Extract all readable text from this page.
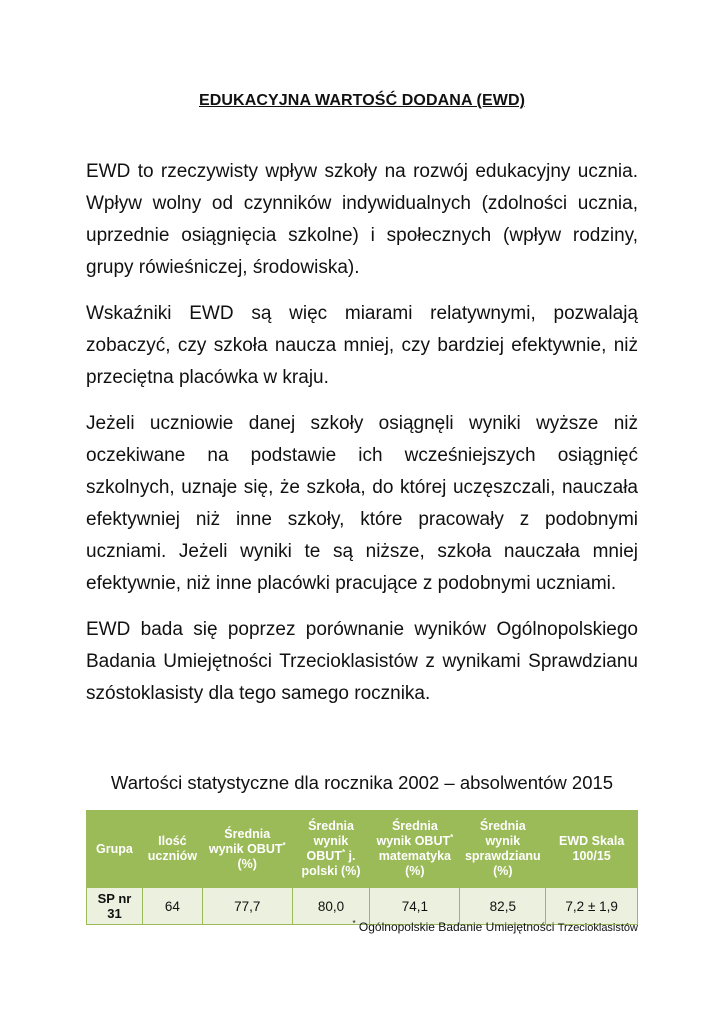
EDUKACYJNA WARTOŚĆ DODANA (EWD)

EWD to rzeczywisty wpływ szkoły na rozwój edukacyjny ucznia. Wpływ wolny od czynników indywidualnych (zdolności ucznia, uprzednie osiągnięcia szkolne) i społecznych (wpływ rodziny, grupy rówieśniczej, środowiska).

Wskaźniki EWD są więc miarami relatywnymi, pozwalają zobaczyć, czy szkoła naucza mniej, czy bardziej efektywnie, niż przeciętna placówka w kraju.

Jeżeli uczniowie danej szkoły osiągnęli wyniki wyższe niż oczekiwane na podstawie ich wcześniejszych osiągnięć szkolnych, uznaje się, że szkoła, do której uczęszczali, nauczała efektywniej niż inne szkoły, które pracowały z podobnymi uczniami. Jeżeli wyniki te są niższe, szkoła nauczała mniej efektywnie, niż inne placówki pracujące z podobnymi uczniami.

EWD bada się poprzez porównanie wyników Ogólnopolskiego Badania Umiejętności Trzecioklasistów z wynikami Sprawdzianu szóstoklasisty dla tego samego rocznika.

Wartości statystyczne dla rocznika 2002 – absolwentów 2015
Grupa	Ilość uczniów	Średnia wynik OBUT* (%)	Średnia wynik OBUT* j. polski (%)	Średnia wynik OBUT* matematyka (%)	Średnia wynik sprawdzianu (%)	EWD Skala 100/15
SP nr 31	64	77,7	80,0	74,1	82,5	7,2 ± 1,9
* Ogólnopolskie Badanie Umiejętności Trzecioklasistów
